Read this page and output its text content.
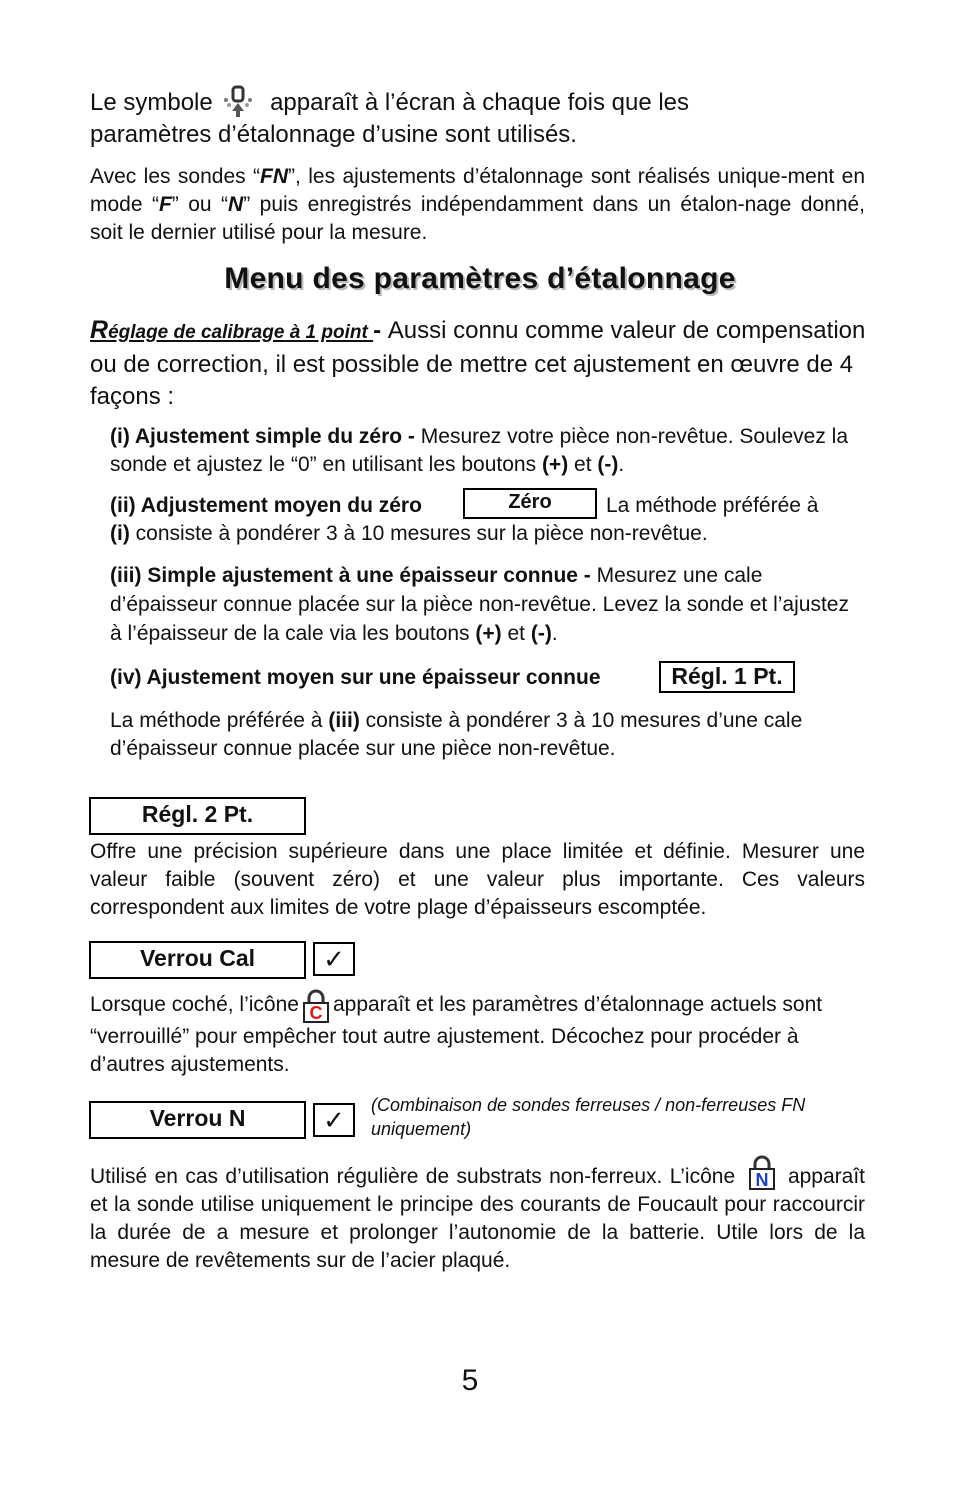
Le symbole apparaît à l’écran à chaque fois que les
paramètres d’étalonnage d’usine sont utilisés.
Avec les sondes “FN”, les ajustements d’étalonnage sont réalisés unique-ment en mode “F” ou “N” puis enregistrés indépendamment dans un étalon-nage donné, soit le dernier utilisé pour la mesure.
Menu des paramètres d’étalonnage
Réglage de calibrage à 1 point - Aussi connu comme valeur de compensation ou de correction, il est possible de mettre cet ajustement en œuvre de 4 façons :
(i) Ajustement simple du zéro - Mesurez votre pièce non-revêtue. Soulevez la sonde et ajustez le “0” en utilisant les boutons (+) et (-).
(ii) Adjustement moyen du zéro	Zéro	La méthode préférée à
(i) consiste à pondérer 3 à 10 mesures sur la pièce non-revêtue.
(iii) Simple ajustement à une épaisseur connue - Mesurez une cale d’épaisseur connue placée sur la pièce non-revêtue. Levez la sonde et l’ajustez à l’épaisseur de la cale via les boutons (+) et (-).
(iv) Ajustement moyen sur une épaisseur connue	Régl. 1 Pt.
La méthode préférée à (iii) consiste à pondérer 3 à 10 mesures d’une cale d’épaisseur connue placée sur une pièce non-revêtue.
Régl. 2 Pt.
Offre une précision supérieure dans une place limitée et définie. Mesurer une valeur faible (souvent zéro) et une valeur plus importante. Ces valeurs correspondent aux limites de votre plage d’épaisseurs escomptée.
Verrou Cal	✓
Lorsque coché, l’icône C apparaît et les paramètres d’étalonnage actuels sont “verrouillé” pour empêcher tout autre ajustement. Décochez pour procéder à d’autres ajustements.
Verrou N	✓	(Combinaison de sondes ferreuses / non-ferreuses FN uniquement)
Utilisé en cas d’utilisation régulière de substrats non-ferreux. L’icône N apparaît et la sonde utilise uniquement le principe des courants de Foucault pour raccourcir la durée de a mesure et prolonger l’autonomie de la batterie. Utile lors de la mesure de revêtements sur de l’acier plaqué.
5
